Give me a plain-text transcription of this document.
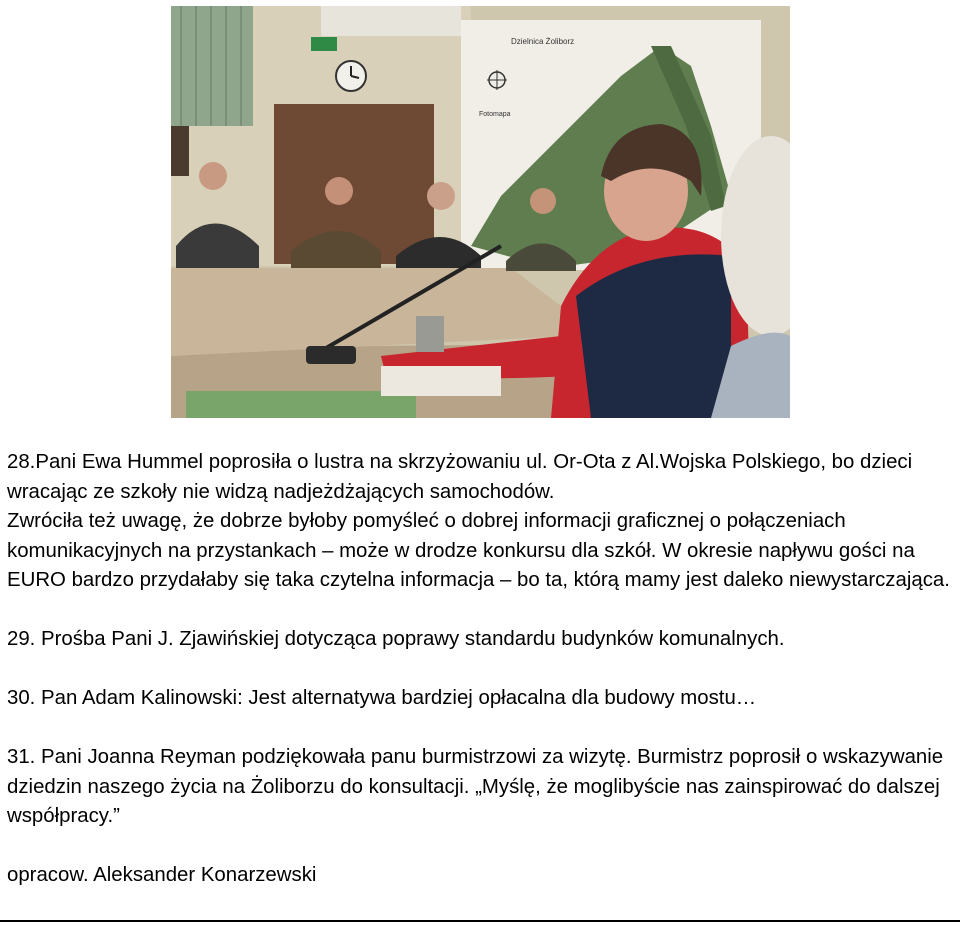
Dzielnica Żoliborz
Fotomapa

28.Pani Ewa Hummel poprosiła o lustra na skrzyżowaniu ul. Or-Ota z Al.Wojska Polskiego, bo dzieci wracając ze szkoły nie widzą nadjeżdżających samochodów.

Zwróciła też uwagę, że dobrze byłoby pomyśleć o dobrej informacji graficznej o połączeniach komunikacyjnych na przystankach – może w drodze konkursu dla szkół. W okresie napływu gości na EURO bardzo przydałaby się taka czytelna informacja – bo ta, którą mamy jest daleko niewystarczająca.

29. Prośba Pani J. Zjawińskiej dotycząca poprawy standardu budynków komunalnych.

30. Pan Adam Kalinowski: Jest alternatywa bardziej opłacalna dla budowy mostu…

31. Pani Joanna Reyman podziękowała panu burmistrzowi za wizytę. Burmistrz poprosił o wskazywanie dziedzin naszego życia na Żoliborzu do konsultacji. „Myślę, że moglibyście nas zainspirować do dalszej współpracy.”

opracow. Aleksander Konarzewski
